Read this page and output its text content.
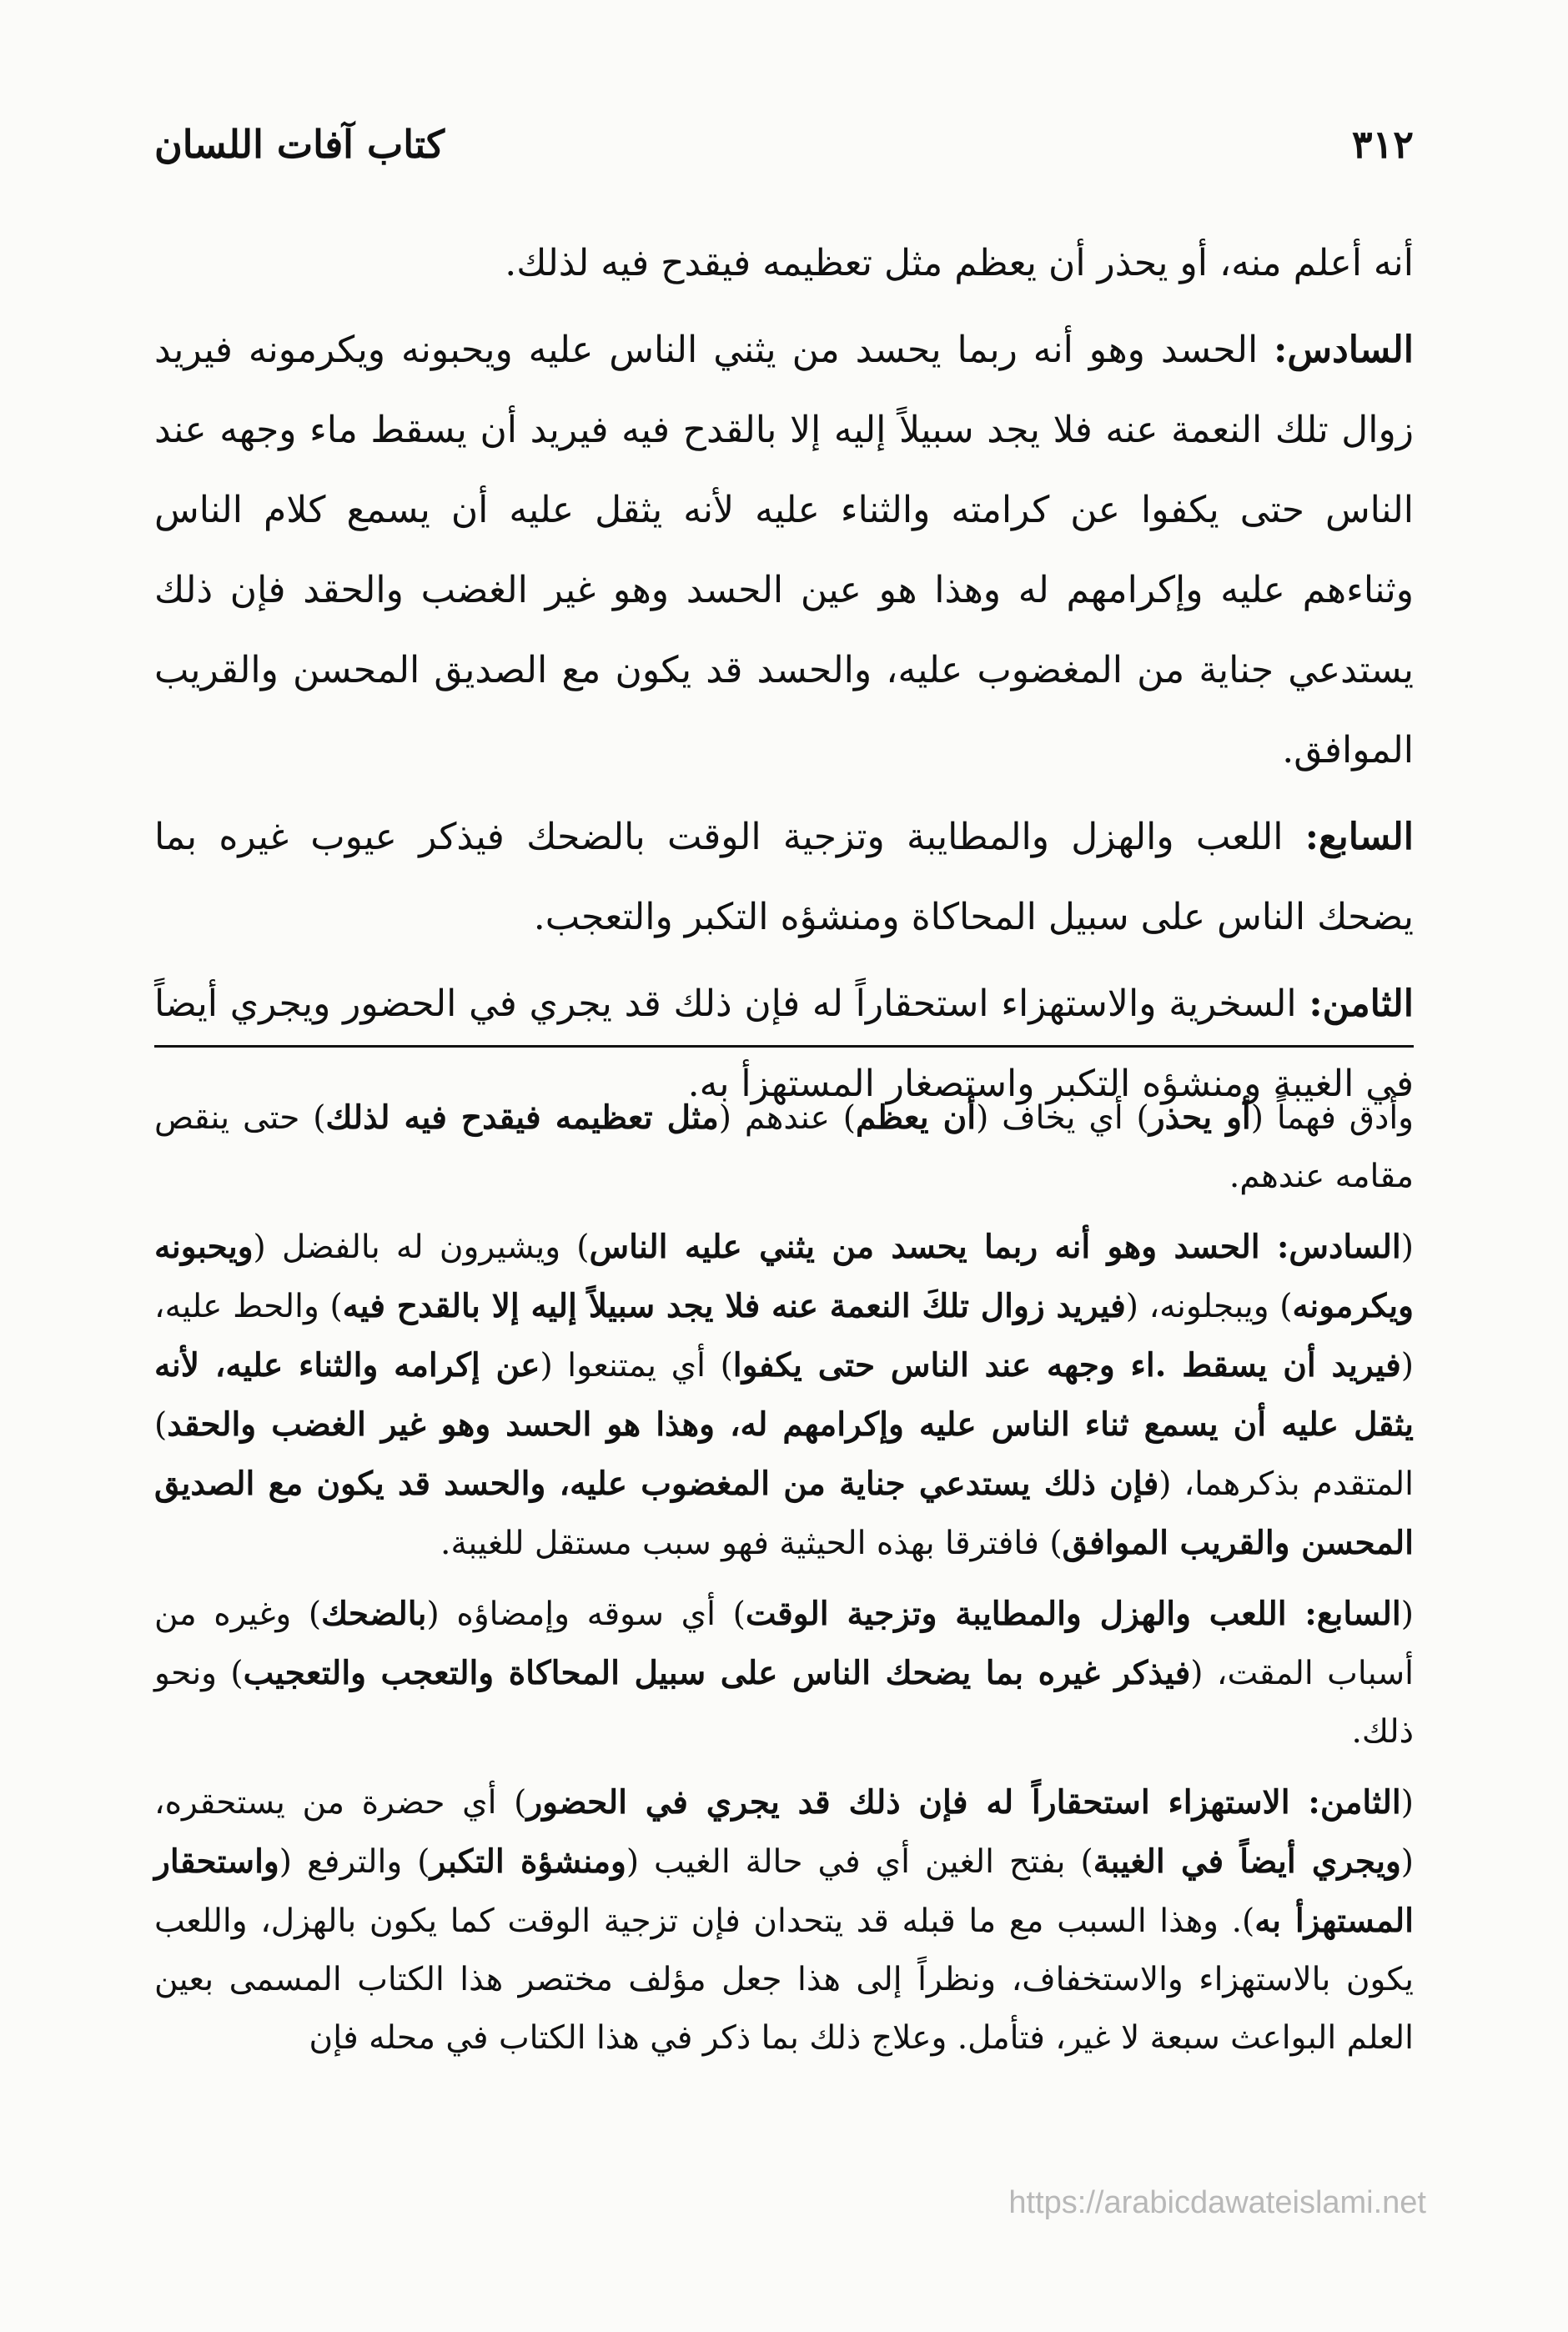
٣١٢
كتاب آفات اللسان

أنه أعلم منه، أو يحذر أن يعظم مثل تعظيمه فيقدح فيه لذلك.

السادس: الحسد وهو أنه ربما يحسد من يثني الناس عليه ويحبونه ويكرمونه فيريد زوال تلك النعمة عنه فلا يجد سبيلاً إليه إلا بالقدح فيه فيريد أن يسقط ماء وجهه عند الناس حتى يكفوا عن كرامته والثناء عليه لأنه يثقل عليه أن يسمع كلام الناس وثناءهم عليه وإكرامهم له وهذا هو عين الحسد وهو غير الغضب والحقد فإن ذلك يستدعي جناية من المغضوب عليه، والحسد قد يكون مع الصديق المحسن والقريب الموافق.

السابع: اللعب والهزل والمطايبة وتزجية الوقت بالضحك فيذكر عيوب غيره بما يضحك الناس على سبيل المحاكاة ومنشؤه التكبر والتعجب.

الثامن: السخرية والاستهزاء استحقاراً له فإن ذلك قد يجري في الحضور ويجري أيضاً في الغيبة ومنشؤه التكبر واستصغار المستهزأ به.

وأدق فهماً (أو يحذر) أي يخاف (أن يعظم) عندهم (مثل تعظيمه فيقدح فيه لذلك) حتى ينقص مقامه عندهم.

(السادس: الحسد وهو أنه ربما يحسد من يثني عليه الناس) ويشيرون له بالفضل (ويحبونه ويكرمونه) ويبجلونه، (فيريد زوال تلكَ النعمة عنه فلا يجد سبيلاً إليه إلا بالقدح فيه) والحط عليه، (فيريد أن يسقط .اء وجهه عند الناس حتى يكفوا) أي يمتنعوا (عن إكرامه والثناء عليه، لأنه يثقل عليه أن يسمع ثناء الناس عليه وإكرامهم له، وهذا هو الحسد وهو غير الغضب والحقد) المتقدم بذكرهما، (فإن ذلك يستدعي جناية من المغضوب عليه، والحسد قد يكون مع الصديق المحسن والقريب الموافق) فافترقا بهذه الحيثية فهو سبب مستقل للغيبة.

(السابع: اللعب والهزل والمطايبة وتزجية الوقت) أي سوقه وإمضاؤه (بالضحك) وغيره من أسباب المقت، (فيذكر غيره بما يضحك الناس على سبيل المحاكاة والتعجب والتعجيب) ونحو ذلك.

(الثامن: الاستهزاء استحقاراً له فإن ذلك قد يجري في الحضور) أي حضرة من يستحقره، (ويجري أيضاً في الغيبة) بفتح الغين أي في حالة الغيب (ومنشؤة التكبر) والترفع (واستحقار المستهزأ به). وهذا السبب مع ما قبله قد يتحدان فإن تزجية الوقت كما يكون بالهزل، واللعب يكون بالاستهزاء والاستخفاف، ونظراً إلى هذا جعل مؤلف مختصر هذا الكتاب المسمى بعين العلم البواعث سبعة لا غير، فتأمل. وعلاج ذلك بما ذكر في هذا الكتاب في محله فإن

https://arabicdawateislami.net
